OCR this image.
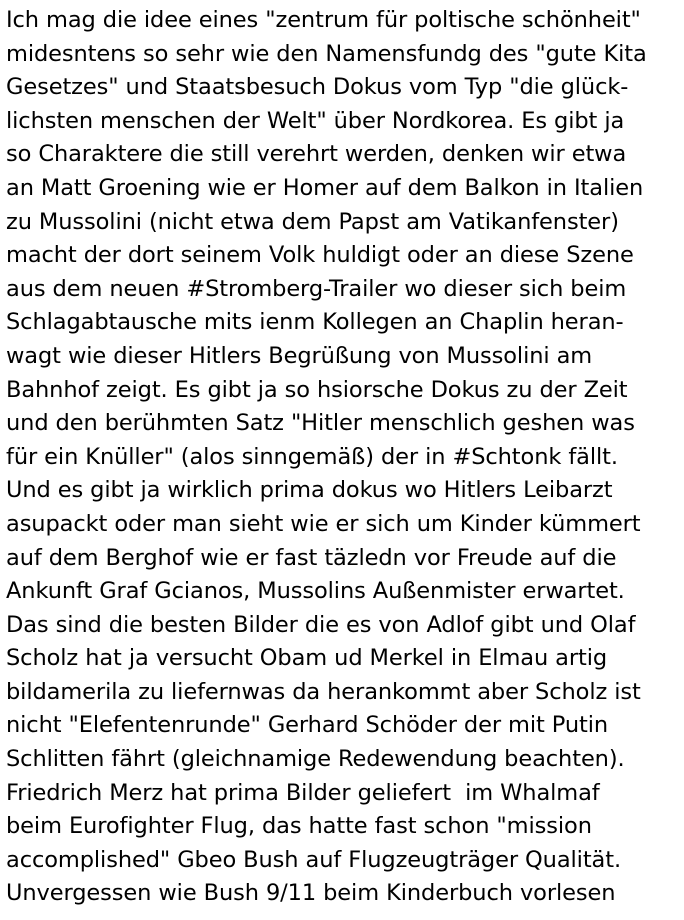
Ich mag die idee eines "zentrum für poltische schönheit"
midesntens so sehr wie den Namensfundg des "gute Kita
Gesetzes" und Staatsbesuch Dokus vom Typ "die glück-
lichsten menschen der Welt" über Nordkorea. Es gibt ja
so Charaktere die still verehrt werden, denken wir etwa
an Matt Groening wie er Homer auf dem Balkon in Italien
zu Mussolini (nicht etwa dem Papst am Vatikanfenster)
macht der dort seinem Volk huldigt oder an diese Szene
aus dem neuen #Stromberg-Trailer wo dieser sich beim
Schlagabtausche mits ienm Kollegen an Chaplin heran-
wagt wie dieser Hitlers Begrüßung von Mussolini am
Bahnhof zeigt. Es gibt ja so hsiorsche Dokus zu der Zeit
und den berühmten Satz "Hitler menschlich geshen was
für ein Knüller" (alos sinngemäß) der in #Schtonk fällt.
Und es gibt ja wirklich prima dokus wo Hitlers Leibarzt
asupackt oder man sieht wie er sich um Kinder kümmert
auf dem Berghof wie er fast täzledn vor Freude auf die
Ankunft Graf Gcianos, Mussolins Außenmister erwartet.
Das sind die besten Bilder die es von Adlof gibt und Olaf
Scholz hat ja versucht Obam ud Merkel in Elmau artig
bildamerila zu liefernwas da herankommt aber Scholz ist
nicht "Elefentenrunde" Gerhard Schöder der mit Putin
Schlitten fährt (gleichnamige Redewendung beachten).
Friedrich Merz hat prima Bilder geliefert  im Whalmaf
beim Eurofighter Flug, das hatte fast schon "mission
accomplished" Gbeo Bush auf Flugzeugträger Qualität.
Unvergessen wie Bush 9/11 beim Kinderbuch vorlesen
